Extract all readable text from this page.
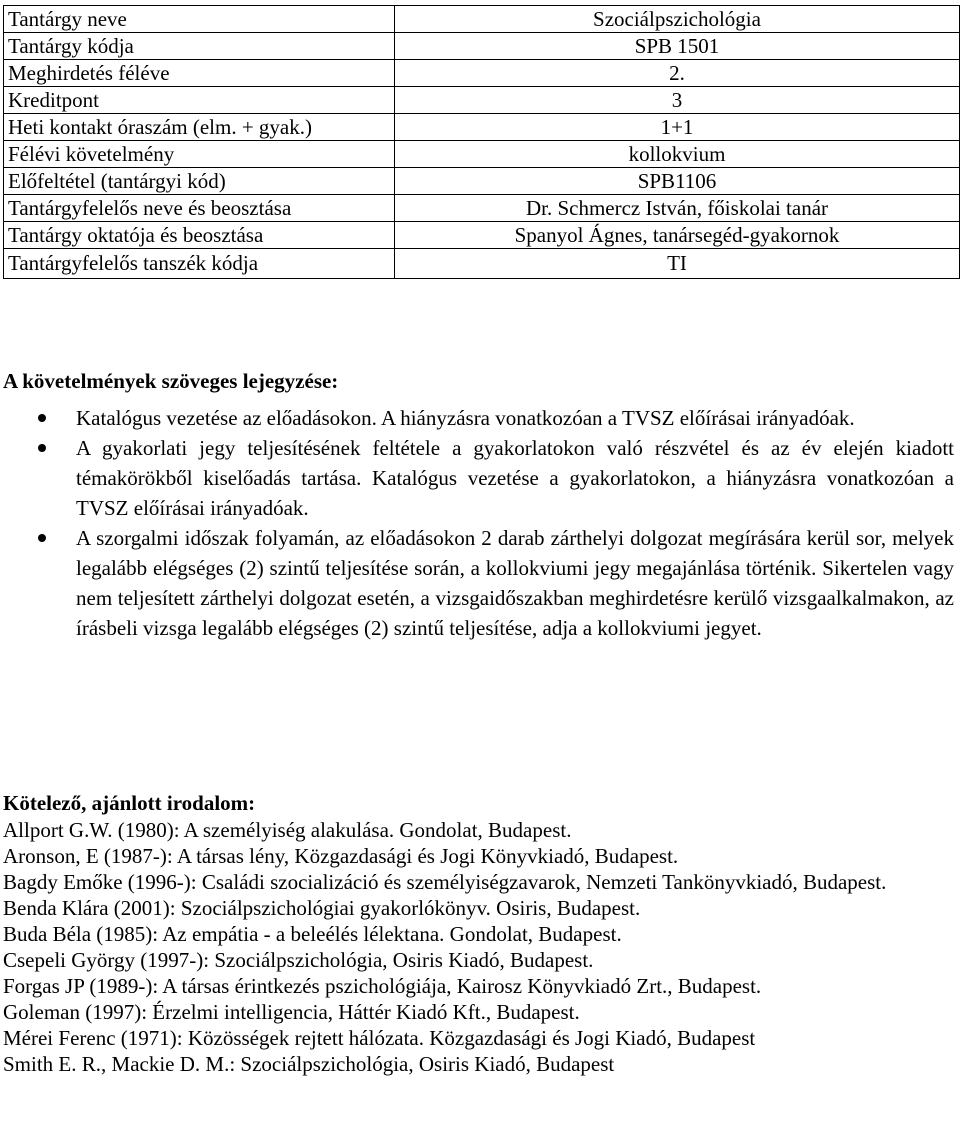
Tantárgy neve	Szociálpszichológia
Tantárgy kódja	SPB 1501
Meghirdetés féléve	2.
Kreditpont	3
Heti kontakt óraszám (elm. + gyak.)	1+1
Félévi követelmény	kollokvium
Előfeltétel (tantárgyi kód)	SPB1106
Tantárgyfelelős neve és beosztása	Dr. Schmercz István, főiskolai tanár
Tantárgy oktatója és beosztása	Spanyol Ágnes, tanársegéd-gyakornok
Tantárgyfelelős tanszék kódja	TI
A követelmények szöveges lejegyzése:
Katalógus vezetése az előadásokon. A hiányzásra vonatkozóan a TVSZ előírásai irányadóak.
A gyakorlati jegy teljesítésének feltétele a gyakorlatokon való részvétel és az év elején kiadott témakörökből kiselőadás tartása. Katalógus vezetése a gyakorlatokon, a hiányzásra vonatkozóan a TVSZ előírásai irányadóak.
A szorgalmi időszak folyamán, az előadásokon 2 darab zárthelyi dolgozat megírására kerül sor, melyek legalább elégséges (2) szintű teljesítése során, a kollokviumi jegy megajánlása történik. Sikertelen vagy nem teljesített zárthelyi dolgozat esetén, a vizsgaidőszakban meghirdetésre kerülő vizsgaalkalmakon, az írásbeli vizsga legalább elégséges (2) szintű teljesítése, adja a kollokviumi jegyet.
Kötelező, ajánlott irodalom:
Allport G.W. (1980): A személyiség alakulása. Gondolat, Budapest.
Aronson, E (1987-): A társas lény, Közgazdasági és Jogi Könyvkiadó, Budapest.
Bagdy Emőke (1996-): Családi szocializáció és személyiségzavarok, Nemzeti Tankönyvkiadó, Budapest.
Benda Klára (2001): Szociálpszichológiai gyakorlókönyv. Osiris, Budapest.
Buda Béla (1985): Az empátia - a beleélés lélektana. Gondolat, Budapest.
Csepeli György (1997-): Szociálpszichológia, Osiris Kiadó, Budapest.
Forgas JP (1989-): A társas érintkezés pszichológiája, Kairosz Könyvkiadó Zrt., Budapest.
Goleman (1997): Érzelmi intelligencia, Háttér Kiadó Kft., Budapest.
Mérei Ferenc (1971): Közösségek rejtett hálózata. Közgazdasági és Jogi Kiadó, Budapest
Smith E. R., Mackie D. M.: Szociálpszichológia, Osiris Kiadó, Budapest
